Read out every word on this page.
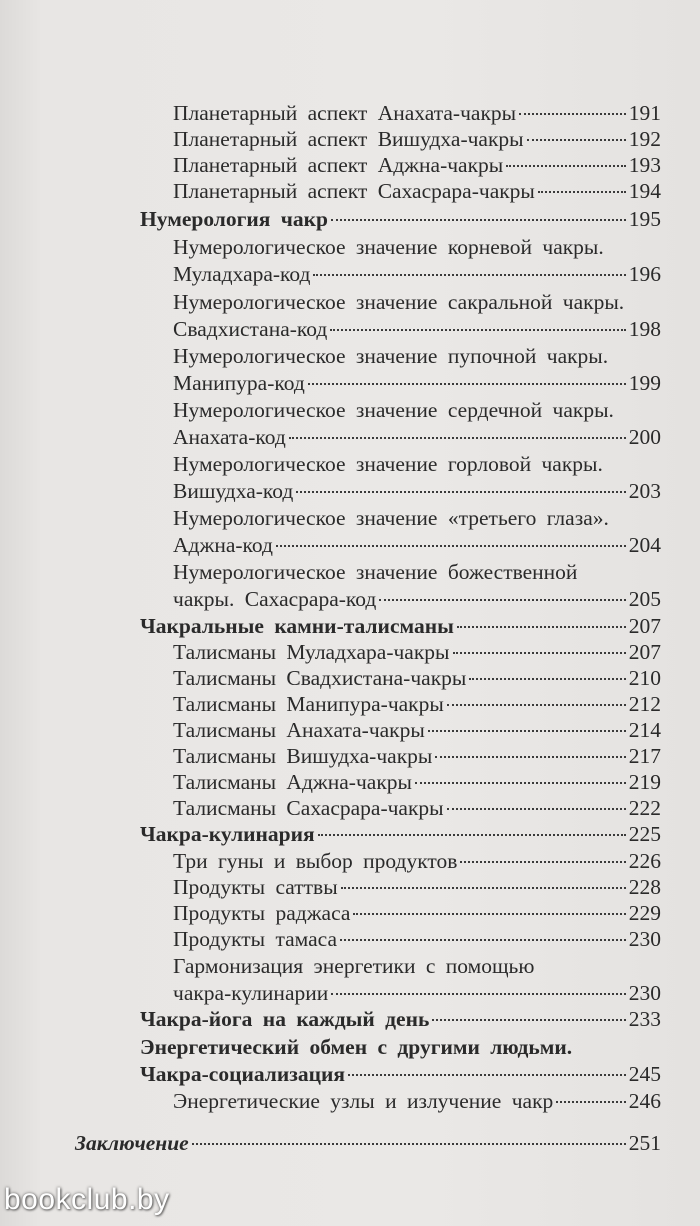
Планетарный аспект Анахата-чакры	191
Планетарный аспект Вишудха-чакры	192
Планетарный аспект Аджна-чакры	193
Планетарный аспект Сахасрара-чакры	194
Нумерология чакр	195
Нумерологическое значение корневой чакры.
Муладхара-код	196
Нумерологическое значение сакральной чакры.
Свадхистана-код	198
Нумерологическое значение пупочной чакры.
Манипура-код	199
Нумерологическое значение сердечной чакры.
Анахата-код	200
Нумерологическое значение горловой чакры.
Вишудха-код	203
Нумерологическое значение «третьего глаза».
Аджна-код	204
Нумерологическое значение божественной
чакры. Сахасрара-код	205
Чакральные камни-талисманы	207
Талисманы Муладхара-чакры	207
Талисманы Свадхистана-чакры	210
Талисманы Манипура-чакры	212
Талисманы Анахата-чакры	214
Талисманы Вишудха-чакры	217
Талисманы Аджна-чакры	219
Талисманы Сахасрара-чакры	222
Чакра-кулинария	225
Три гуны и выбор продуктов	226
Продукты саттвы	228
Продукты раджаса	229
Продукты тамаса	230
Гармонизация энергетики с помощью
чакра-кулинарии	230
Чакра-йога на каждый день	233
Энергетический обмен с другими людьми.
Чакра-социализация	245
Энергетические узлы и излучение чакр	246
Заключение	251
bookclub.by
